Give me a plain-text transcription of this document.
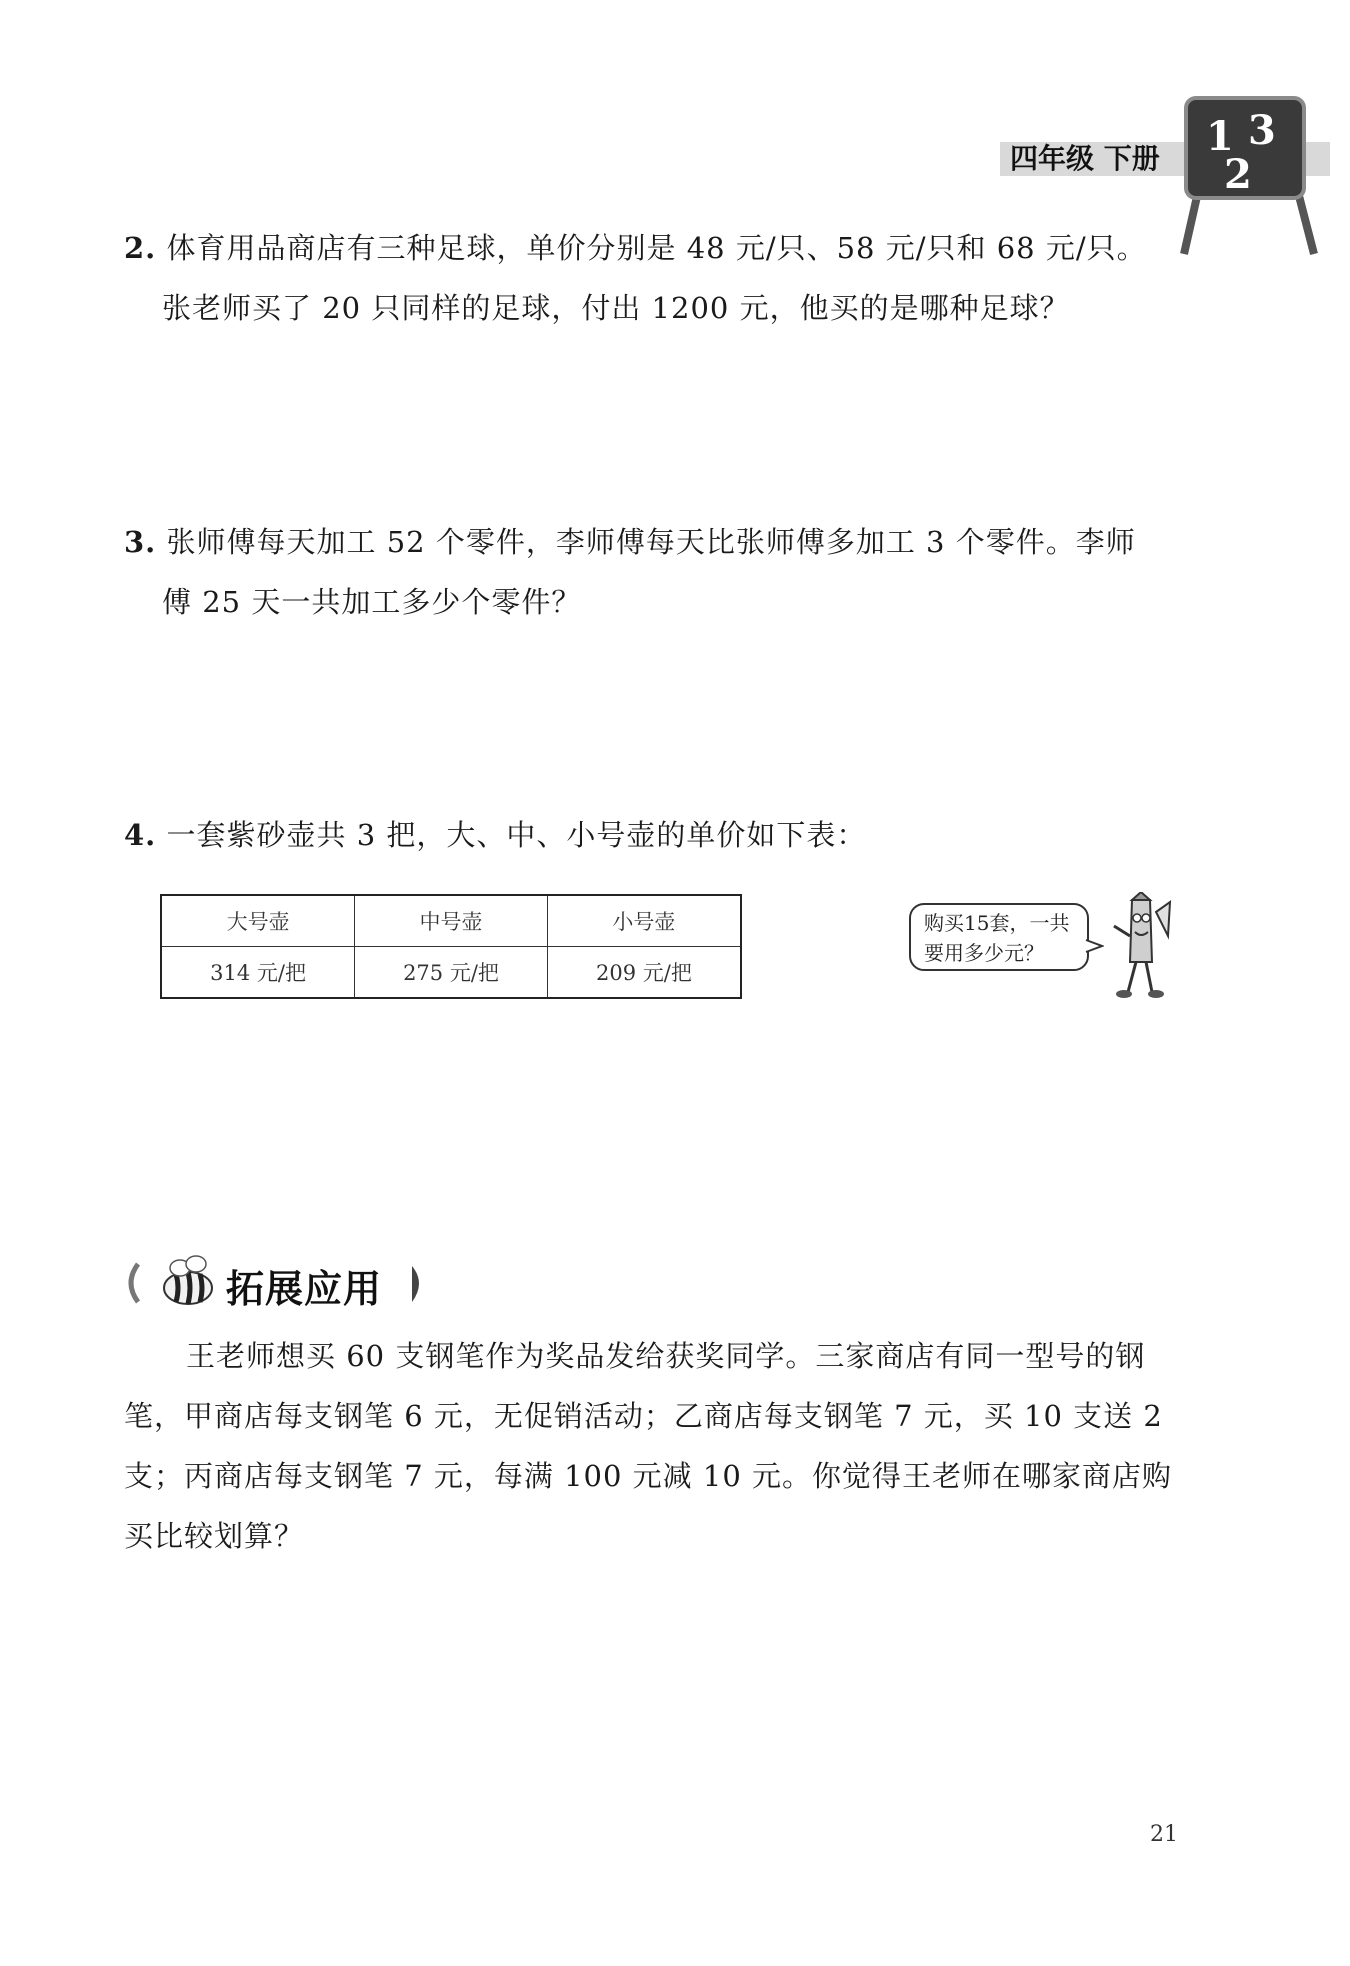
四年级 下册 1 3
2
2. 体育用品商店有三种足球，单价分别是 48 元/只、58 元/只和 68 元/只。
张老师买了 20 只同样的足球，付出 1200 元，他买的是哪种足球？
3. 张师傅每天加工 52 个零件，李师傅每天比张师傅多加工 3 个零件。李师
傅 25 天一共加工多少个零件？
4. 一套紫砂壶共 3 把，大、中、小号壶的单价如下表：
大号壶	中号壶	小号壶
314 元/把	275 元/把	209 元/把
购买15套，一共
要用多少元？
拓展应用
王老师想买 60 支钢笔作为奖品发给获奖同学。三家商店有同一型号的钢笔，甲商店每支钢笔 6 元，无促销活动；乙商店每支钢笔 7 元，买 10 支送 2 支；丙商店每支钢笔 7 元，每满 100 元减 10 元。你觉得王老师在哪家商店购买比较划算？
21
